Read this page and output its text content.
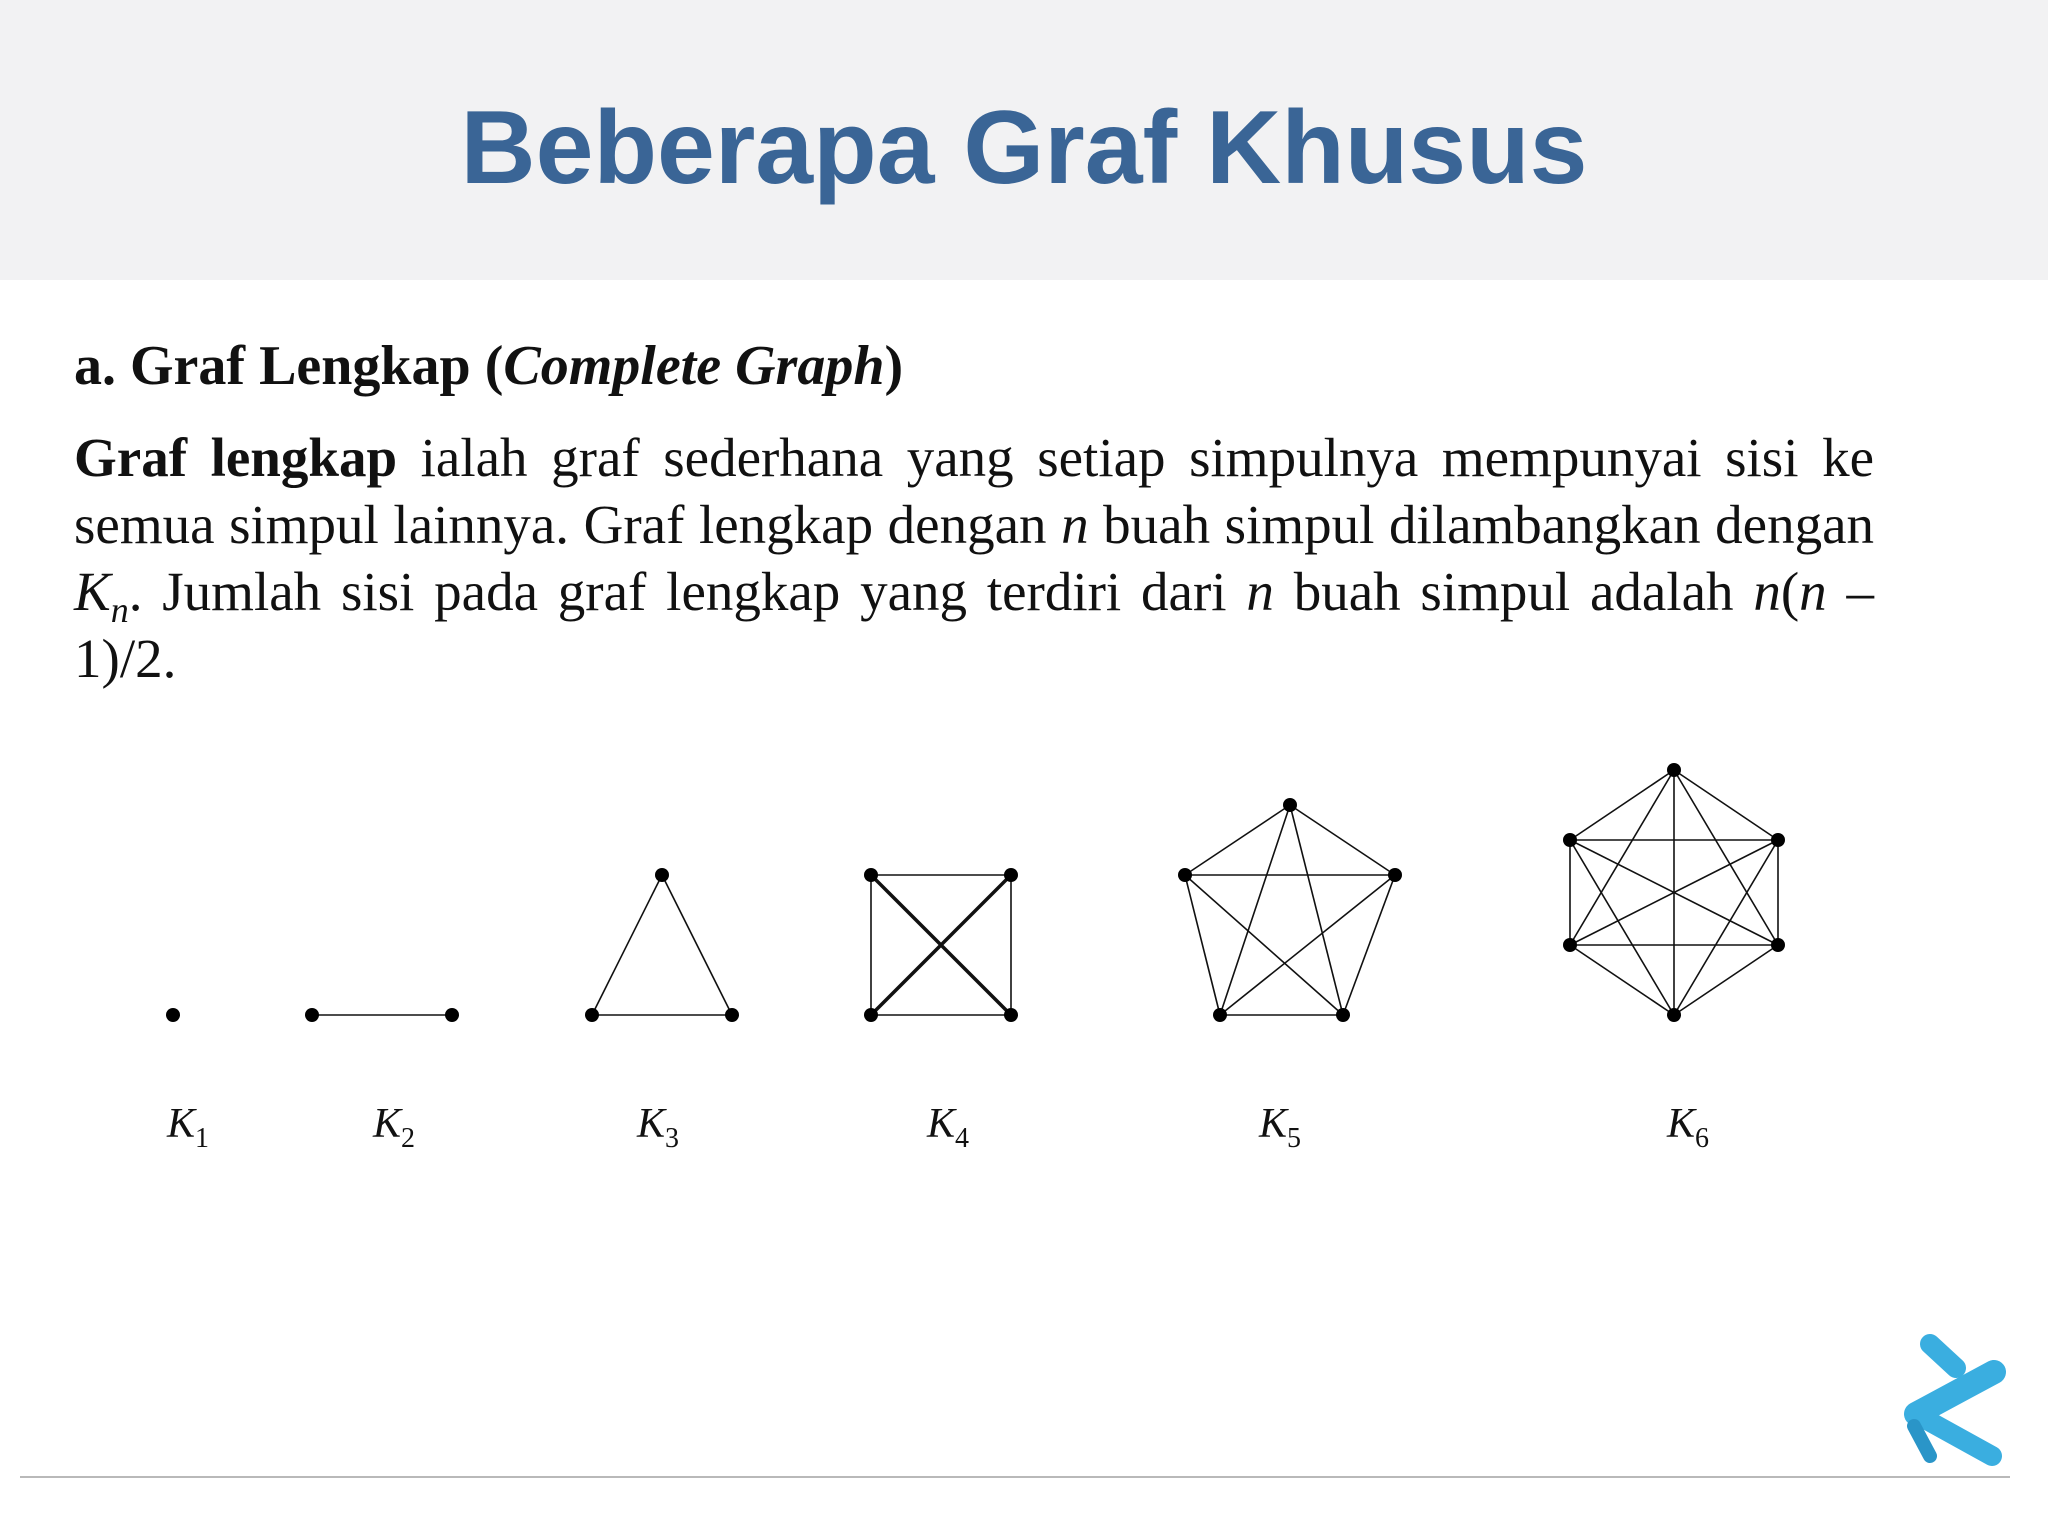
Beberapa Graf Khusus
a. Graf Lengkap (Complete Graph)
Graf lengkap ialah graf sederhana yang setiap simpulnya mempunyai sisi ke semua simpul lainnya. Graf lengkap dengan n buah simpul dilambangkan dengan $K_n$. Jumlah sisi pada graf lengkap yang terdiri dari n buah simpul adalah n(n – 1)/2.
$K_1$	$K_2$	$K_3$	$K_4$	$K_5$	$K_6$
